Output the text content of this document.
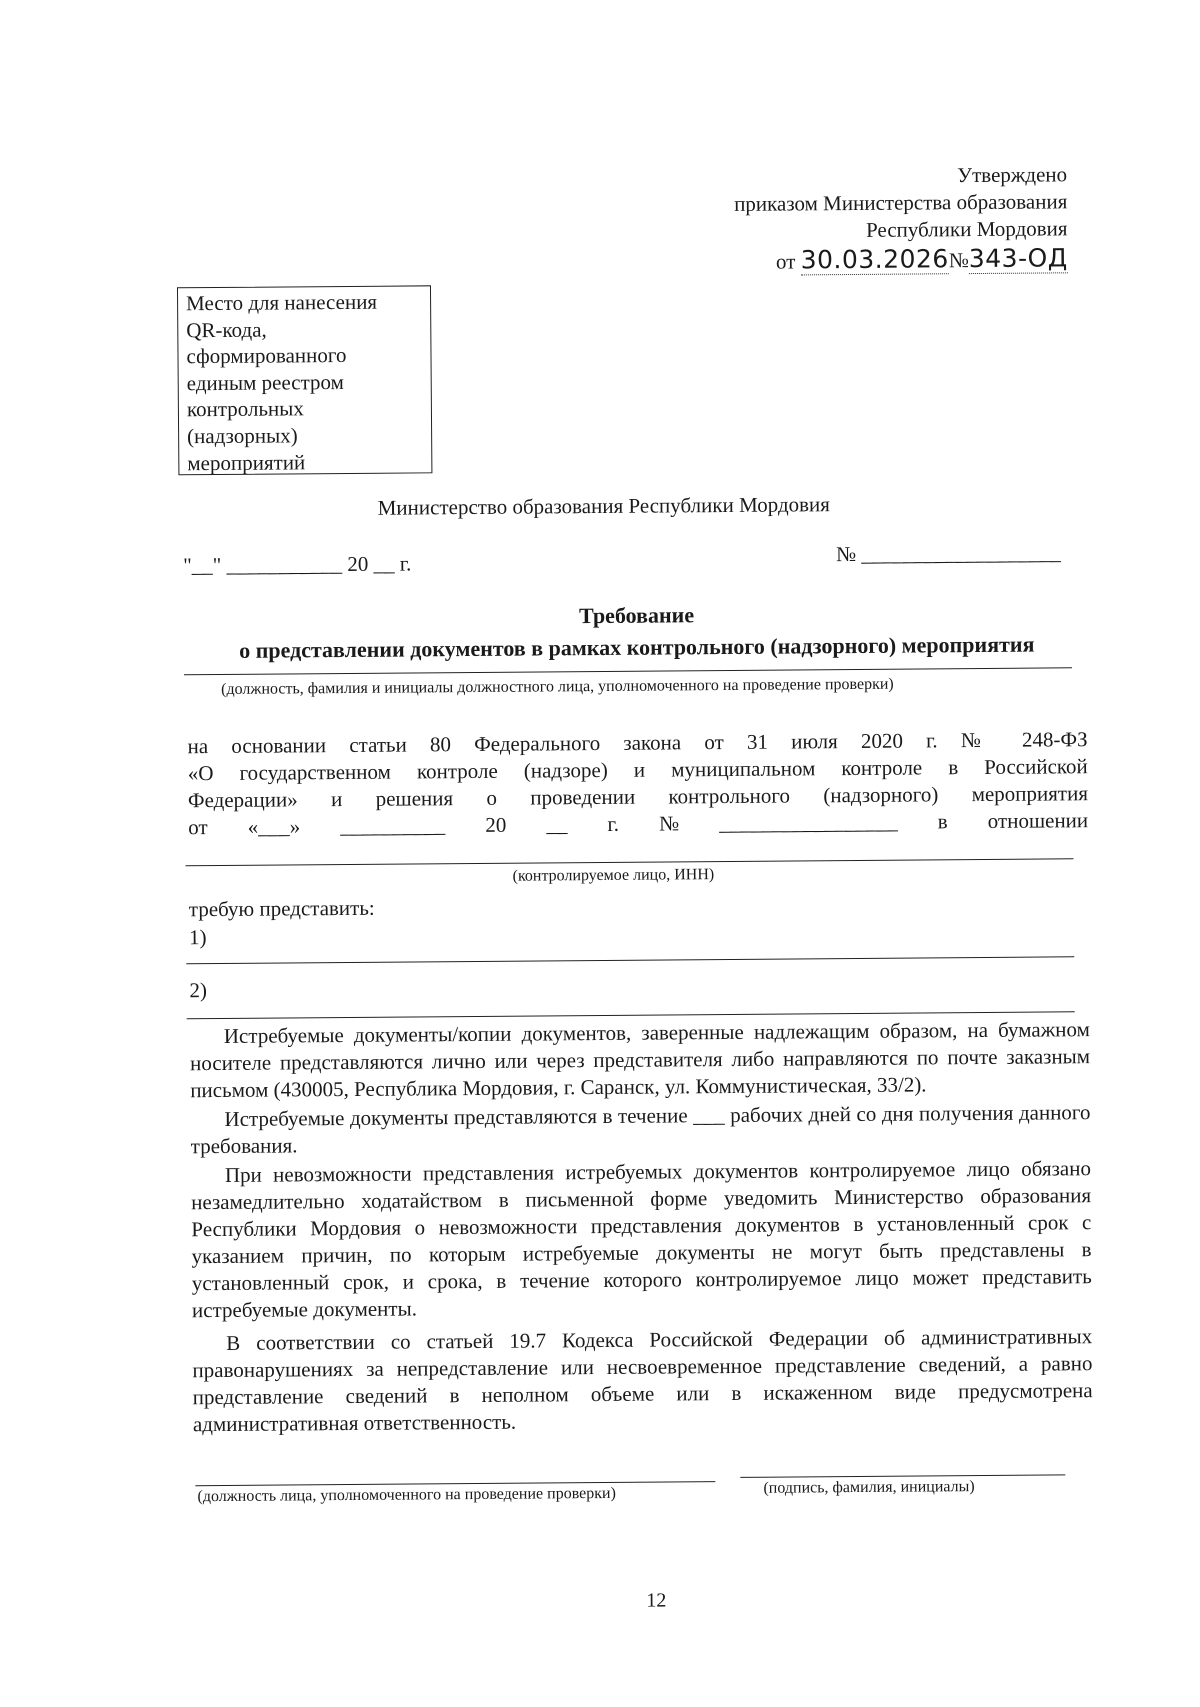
Утверждено
приказом Министерства образования
Республики Мордовия
от 30.03.2026№343-ОД
Место для нанесения
QR-кода,
сформированного
единым реестром
контрольных
(надзорных)
мероприятий
Министерство образования Республики Мордовия
"__" ___________ 20 __ г.	№ ___________________
Требование
о представлении документов в рамках контрольного (надзорного) мероприятия
(должность, фамилия и инициалы должностного лица, уполномоченного на проведение проверки)
на основании статьи 80 Федерального закона от 31 июля 2020 г. № 248-ФЗ
«О государственном контроле (надзоре) и муниципальном контроле в Российской
Федерации» и решения о проведении контрольного (надзорного) мероприятия
от «___» __________ 20 __ г. № _________________ в отношении
(контролируемое лицо, ИНН)
требую представить:
1)
2)
Истребуемые документы/копии документов, заверенные надлежащим образом, на бумажном носителе представляются лично или через представителя либо направляются по почте заказным письмом (430005, Республика Мордовия, г. Саранск, ул. Коммунистическая, 33/2).
Истребуемые документы представляются в течение ___ рабочих дней со дня получения данного требования.
При невозможности представления истребуемых документов контролируемое лицо обязано незамедлительно ходатайством в письменной форме уведомить Министерство образования Республики Мордовия о невозможности представления документов в установленный срок с указанием причин, по которым истребуемые документы не могут быть представлены в установленный срок, и срока, в течение которого контролируемое лицо может представить истребуемые документы.
В соответствии со статьей 19.7 Кодекса Российской Федерации об административных правонарушениях за непредставление или несвоевременное представление сведений, а равно представление сведений в неполном объеме или в искаженном виде предусмотрена административная ответственность.
(должность лица, уполномоченного на проведение проверки)	(подпись, фамилия, инициалы)
12
